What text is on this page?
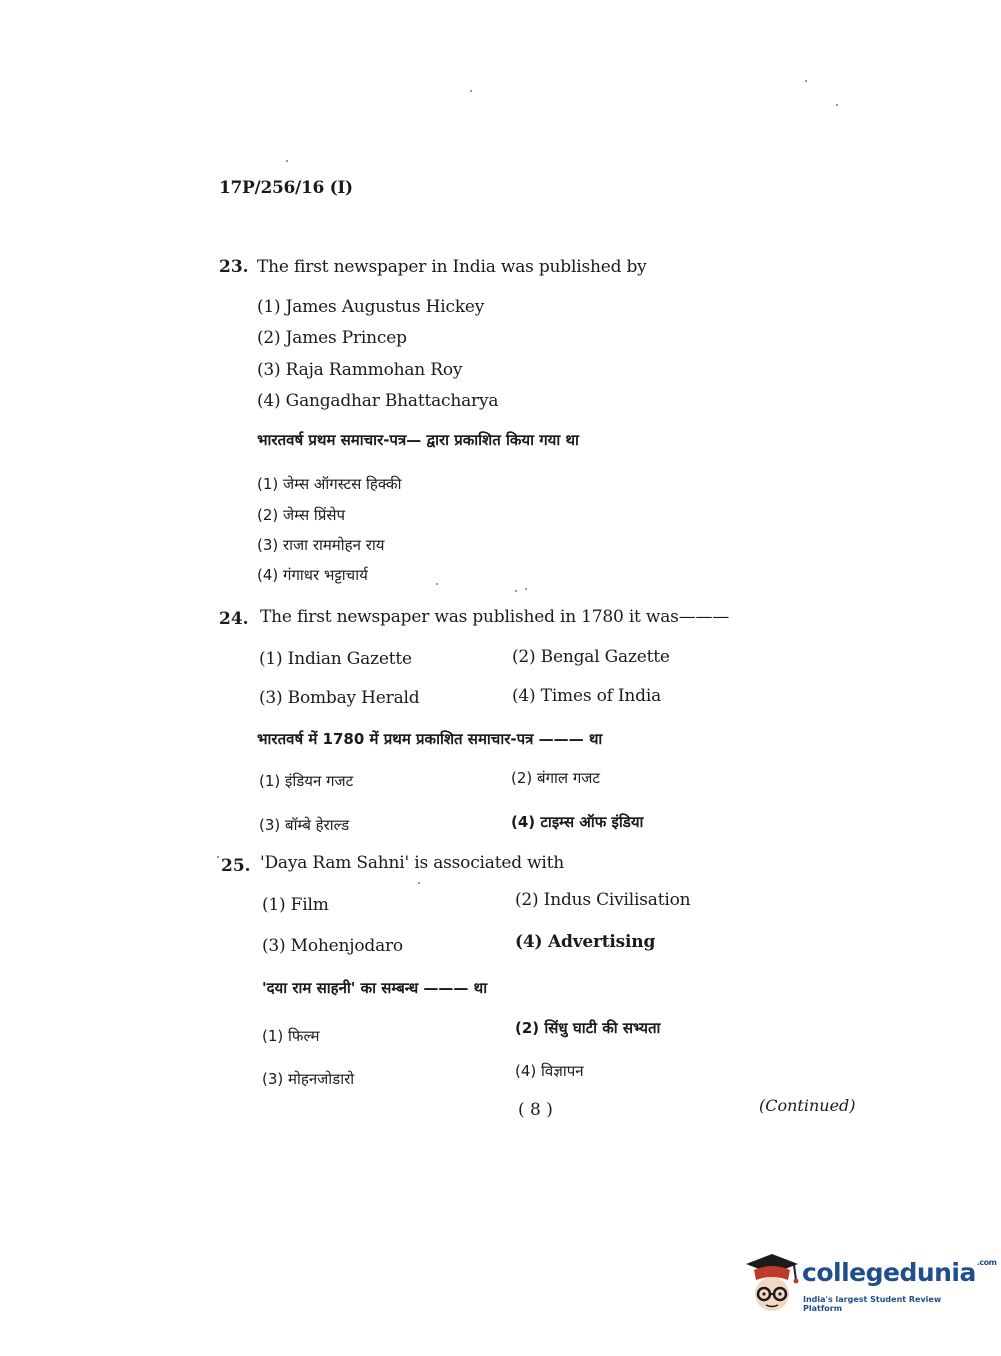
17P/256/16 (I)
23. The first newspaper in India was published by
(1) James Augustus Hickey
(2) James Princep
(3) Raja Rammohan Roy
(4) Gangadhar Bhattacharya
भारतवर्ष प्रथम समाचार-पत्र— द्वारा प्रकाशित किया गया था
(1) जेम्स ऑगस्टस हिक्की
(2) जेम्स प्रिंसेप
(3) राजा राममोहन राय
(4) गंगाधर भट्टाचार्य
24. The first newspaper was published in 1780 it was———
(1) Indian Gazette	(2) Bengal Gazette
(3) Bombay Herald	(4) Times of India
भारतवर्ष में 1780 में प्रथम प्रकाशित समाचार-पत्र ——— था
(1) इंडियन गजट	(2) बंगाल गजट
(3) बॉम्बे हेराल्ड	(4) टाइम्स ऑफ इंडिया
25. 'Daya Ram Sahni' is associated with
(1) Film	(2) Indus Civilisation
(3) Mohenjodaro	(4) Advertising
'दया राम साहनी' का सम्बन्ध ——— था
(1) फिल्म	(2) सिंधु घाटी की सभ्यता
(3) मोहनजोडारो	(4) विज्ञापन
( 8 )	(Continued)
collegedunia$^{.com}$
India's largest Student Review Platform
